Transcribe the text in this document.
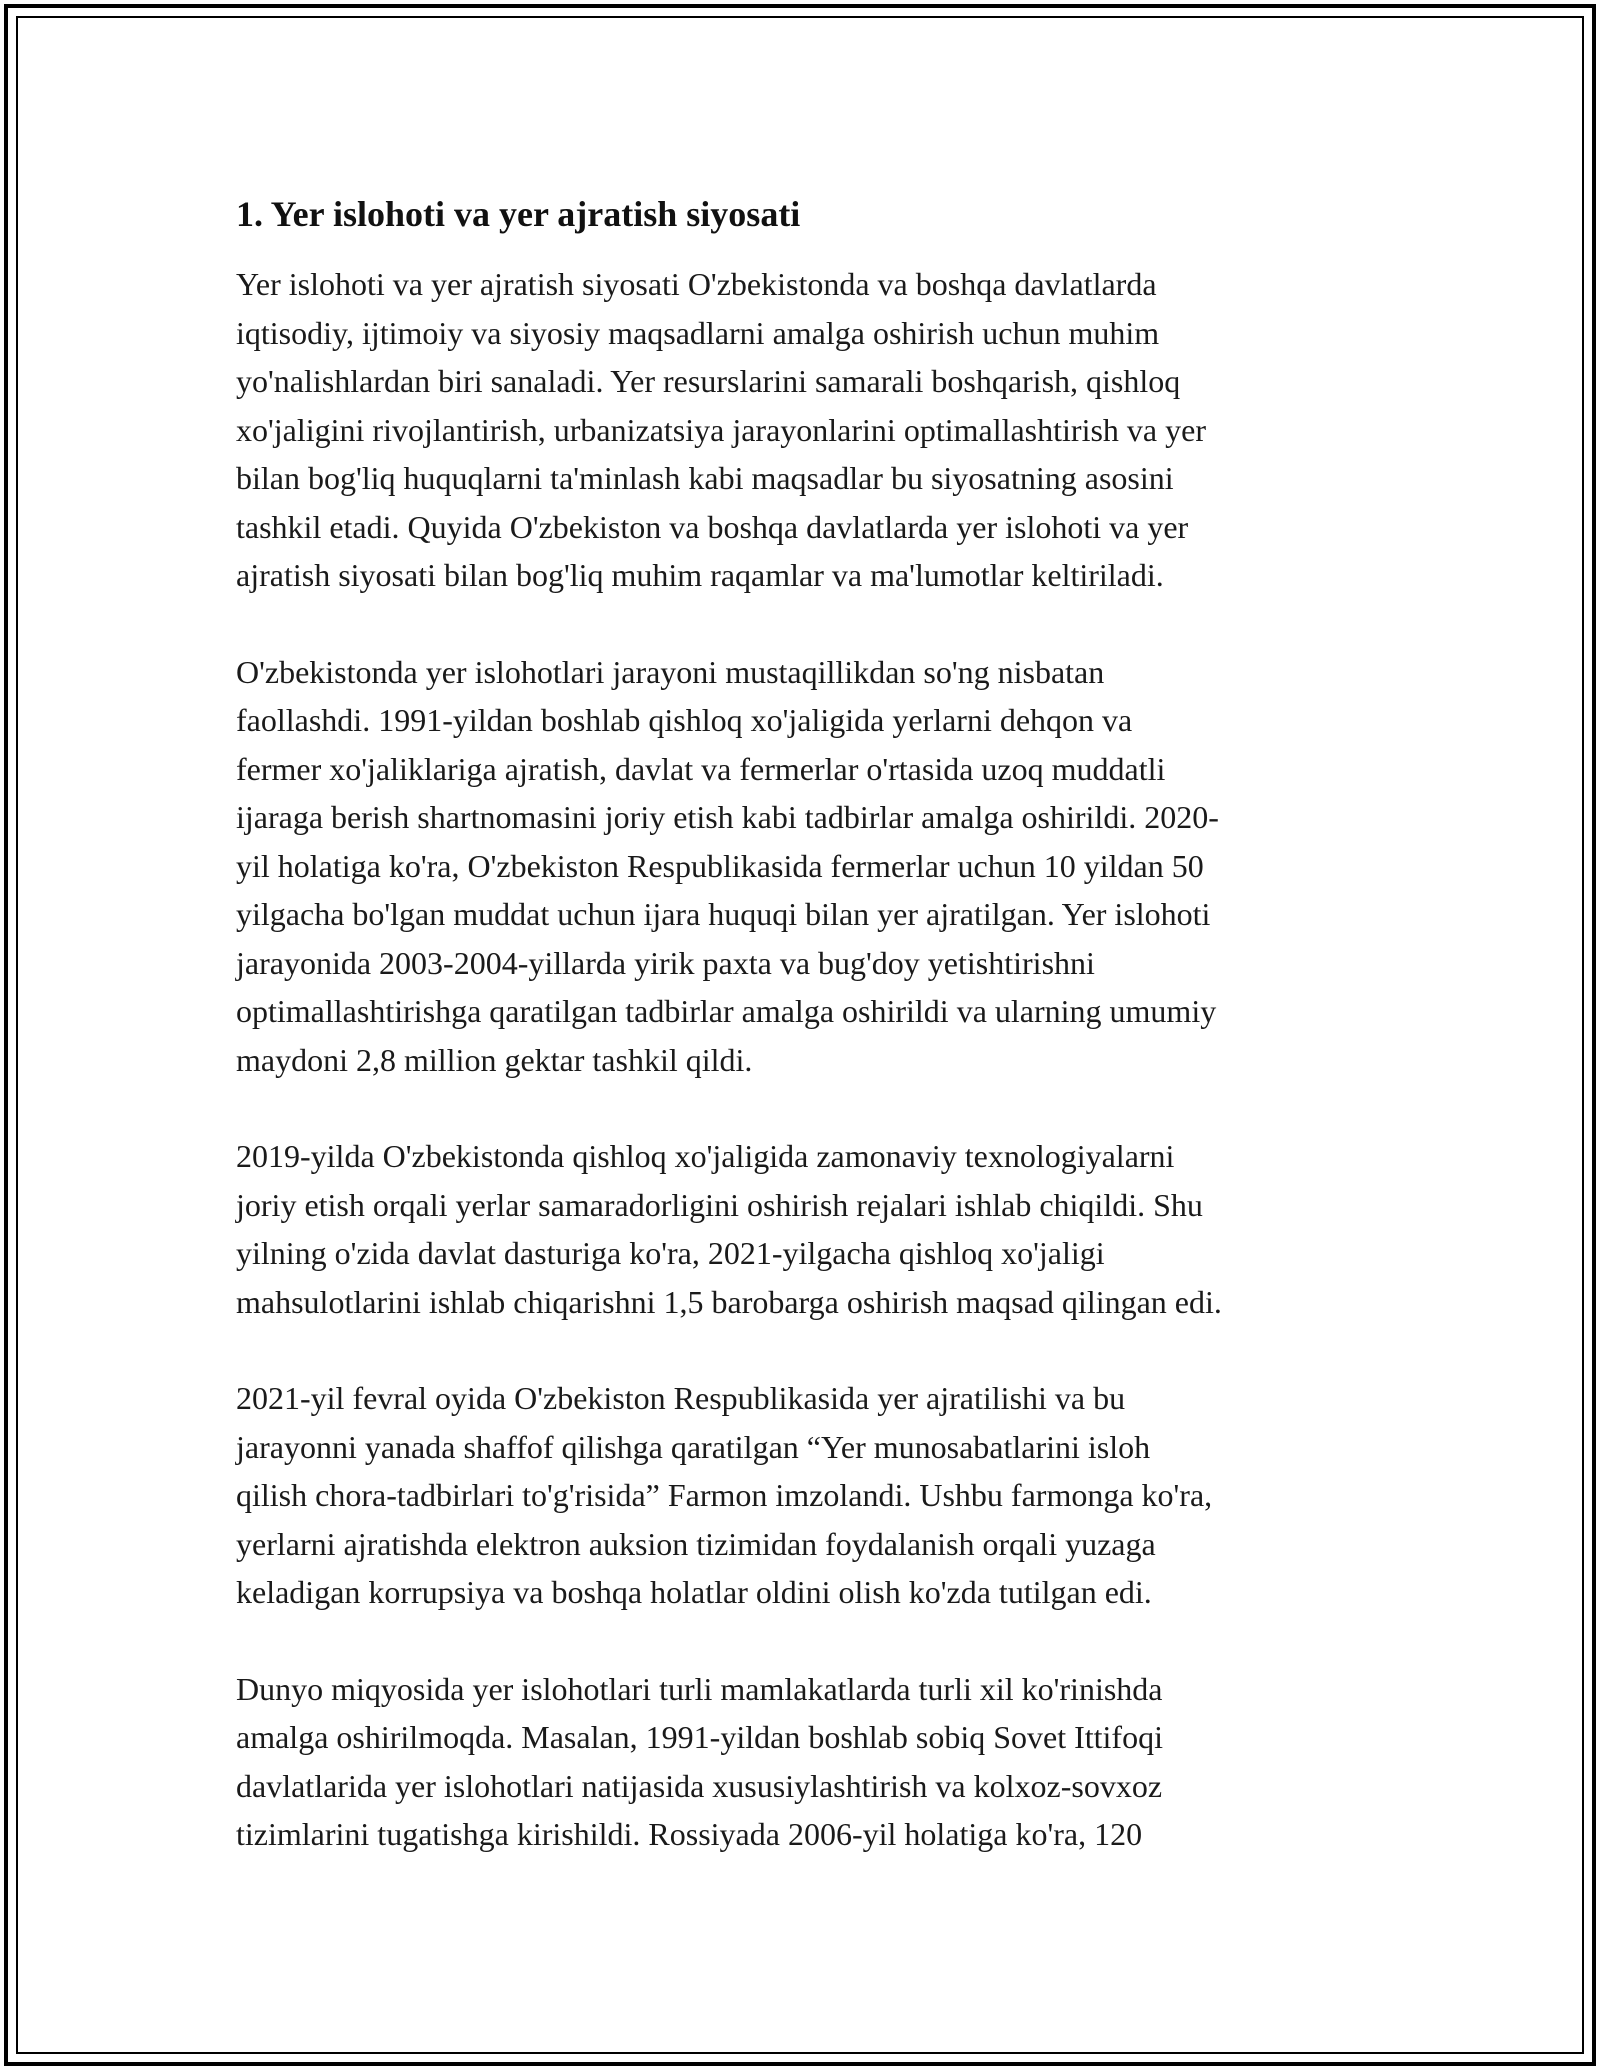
1. Yer islohoti va yer ajratish siyosati

Yer islohoti va yer ajratish siyosati O'zbekistonda va boshqa davlatlarda
iqtisodiy, ijtimoiy va siyosiy maqsadlarni amalga oshirish uchun muhim
yo'nalishlardan biri sanaladi. Yer resurslarini samarali boshqarish, qishloq
xo'jaligini rivojlantirish, urbanizatsiya jarayonlarini optimallashtirish va yer
bilan bog'liq huquqlarni ta'minlash kabi maqsadlar bu siyosatning asosini
tashkil etadi. Quyida O'zbekiston va boshqa davlatlarda yer islohoti va yer
ajratish siyosati bilan bog'liq muhim raqamlar va ma'lumotlar keltiriladi.

O'zbekistonda yer islohotlari jarayoni mustaqillikdan so'ng nisbatan
faollashdi. 1991-yildan boshlab qishloq xo'jaligida yerlarni dehqon va
fermer xo'jaliklariga ajratish, davlat va fermerlar o'rtasida uzoq muddatli
ijaraga berish shartnomasini joriy etish kabi tadbirlar amalga oshirildi. 2020-
yil holatiga ko'ra, O'zbekiston Respublikasida fermerlar uchun 10 yildan 50
yilgacha bo'lgan muddat uchun ijara huquqi bilan yer ajratilgan. Yer islohoti
jarayonida 2003-2004-yillarda yirik paxta va bug'doy yetishtirishni
optimallashtirishga qaratilgan tadbirlar amalga oshirildi va ularning umumiy
maydoni 2,8 million gektar tashkil qildi.

2019-yilda O'zbekistonda qishloq xo'jaligida zamonaviy texnologiyalarni
joriy etish orqali yerlar samaradorligini oshirish rejalari ishlab chiqildi. Shu
yilning o'zida davlat dasturiga ko'ra, 2021-yilgacha qishloq xo'jaligi
mahsulotlarini ishlab chiqarishni 1,5 barobarga oshirish maqsad qilingan edi.

2021-yil fevral oyida O'zbekiston Respublikasida yer ajratilishi va bu
jarayonni yanada shaffof qilishga qaratilgan “Yer munosabatlarini isloh
qilish chora-tadbirlari to'g'risida” Farmon imzolandi. Ushbu farmonga ko'ra,
yerlarni ajratishda elektron auksion tizimidan foydalanish orqali yuzaga
keladigan korrupsiya va boshqa holatlar oldini olish ko'zda tutilgan edi.

Dunyo miqyosida yer islohotlari turli mamlakatlarda turli xil ko'rinishda
amalga oshirilmoqda. Masalan, 1991-yildan boshlab sobiq Sovet Ittifoqi
davlatlarida yer islohotlari natijasida xususiylashtirish va kolxoz-sovxoz
tizimlarini tugatishga kirishildi. Rossiyada 2006-yil holatiga ko'ra, 120
